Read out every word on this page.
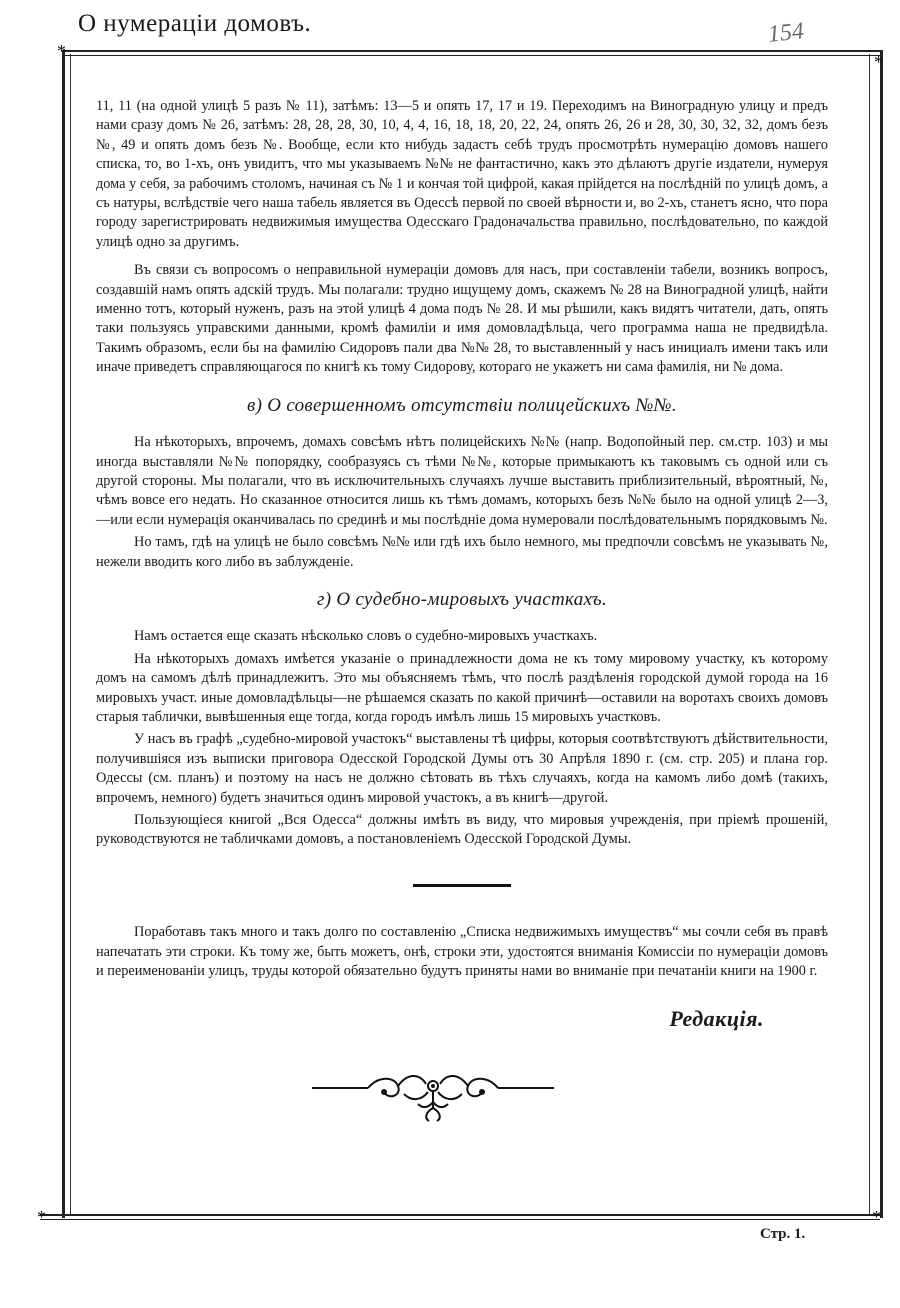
О нумераціи домовъ.	154
*
*
*	*

11, 11 (на одной улицѣ 5 разъ № 11), затѣмъ: 13—5 и опять 17, 17 и 19. Переходимъ на Виноградную улицу и предъ нами сразу домъ № 26, затѣмъ: 28, 28, 28, 30, 10, 4, 4, 16, 18, 18, 20, 22, 24, опять 26, 26 и 28, 30, 30, 32, 32, домъ безъ №, 49 и опять домъ безъ №. Вообще, если кто нибудь задастъ себѣ трудъ просмотрѣть нумерацію домовъ нашего списка, то, во 1-хъ, онъ увидитъ, что мы указываемъ №№ не фантастично, какъ это дѣлаютъ другіе издатели, нумеруя дома у себя, за рабочимъ столомъ, начиная съ № 1 и кончая той цифрой, какая прійдется на послѣдній по улицѣ домъ, а съ натуры, вслѣдствіе чего наша табель является въ Одессѣ первой по своей вѣрности и, во 2-хъ, станетъ ясно, что пора городу зарегистрировать недвижимыя имущества Одесскаго Градоначальства правильно, послѣдовательно, по каждой улицѣ одно за другимъ.

Въ связи съ вопросомъ о неправильной нумераціи домовъ для насъ, при составленіи табели, возникъ вопросъ, создавшій намъ опять адскій трудъ. Мы полагали: трудно ищущему домъ, скажемъ № 28 на Виноградной улицѣ, найти именно тотъ, который нуженъ, разъ на этой улицѣ 4 дома подъ № 28. И мы рѣшили, какъ видятъ читатели, дать, опять таки пользуясь управскими данными, кромѣ фамиліи и имя домовладѣльца, чего программа наша не предвидѣла. Такимъ образомъ, если бы на фамилію Сидоровъ пали два №№ 28, то выставленный у насъ инициалъ имени такъ или иначе приведетъ справляющагося по книгѣ къ тому Сидорову, котораго не укажетъ ни сама фамилія, ни № дома.

в) О совершенномъ отсутствіи полицейскихъ №№.

На нѣкоторыхъ, впрочемъ, домахъ совсѣмъ нѣтъ полицейскихъ №№ (напр. Водопойный пер. см.стр. 103) и мы иногда выставляли №№ попорядку, сообразуясь съ тѣми №№, которые примыкаютъ къ таковымъ съ одной или съ другой стороны. Мы полагали, что въ исключительныхъ случаяхъ лучше выставить приблизительный, вѣроятный, №, чѣмъ вовсе его недать. Но сказанное относится лишь къ тѣмъ домамъ, которыхъ безъ №№ было на одной улицѣ 2—3,—или если нумерація оканчивалась по срединѣ и мы послѣдніе дома нумеровали послѣдовательнымъ порядковымъ №.

Но тамъ, гдѣ на улицѣ не было совсѣмъ №№ или гдѣ ихъ было немного, мы предпочли совсѣмъ не указывать №, нежели вводить кого либо въ заблужденіе.

г) О судебно-мировыхъ участкахъ.

Намъ остается еще сказать нѣсколько словъ о судебно-мировыхъ участкахъ.

На нѣкоторыхъ домахъ имѣется указаніе о принадлежности дома не къ тому мировому участку, къ которому домъ на самомъ дѣлѣ принадлежитъ. Это мы объясняемъ тѣмъ, что послѣ раздѣленія городской думой города на 16 мировыхъ участ. иные домовладѣльцы—не рѣшаемся сказать по какой причинѣ—оставили на воротахъ своихъ домовъ старыя таблички, вывѣшенныя еще тогда, когда городъ имѣлъ лишь 15 мировыхъ участковъ.

У насъ въ графѣ „судебно-мировой участокъ“ выставлены тѣ цифры, которыя соотвѣтствуютъ дѣйствительности, получившіяся изъ выписки приговора Одесской Городской Думы отъ 30 Апрѣля 1890 г. (см. стр. 205) и плана гор. Одессы (см. планъ) и поэтому на насъ не должно сѣтовать въ тѣхъ случаяхъ, когда на камомъ либо домѣ (такихъ, впрочемъ, немного) будетъ значиться одинъ мировой участокъ, а въ книгѣ—другой.

Пользующіеся книгой „Вся Одесса“ должны имѣть въ виду, что мировыя учрежденія, при пріемѣ прошеній, руководствуются не табличками домовъ, а постановленіемъ Одесской Городской Думы.

Поработавъ такъ много и такъ долго по составленію „Списка недвижимыхъ имуществъ“ мы сочли себя въ правѣ напечатать эти строки. Къ тому же, быть можетъ, онѣ, строки эти, удостоятся вниманія Комиссіи по нумераціи домовъ и переименованіи улицъ, труды которой обязательно будутъ приняты нами во вниманіе при печатаніи книги на 1900 г.

Редакція.
Стр. 1.
